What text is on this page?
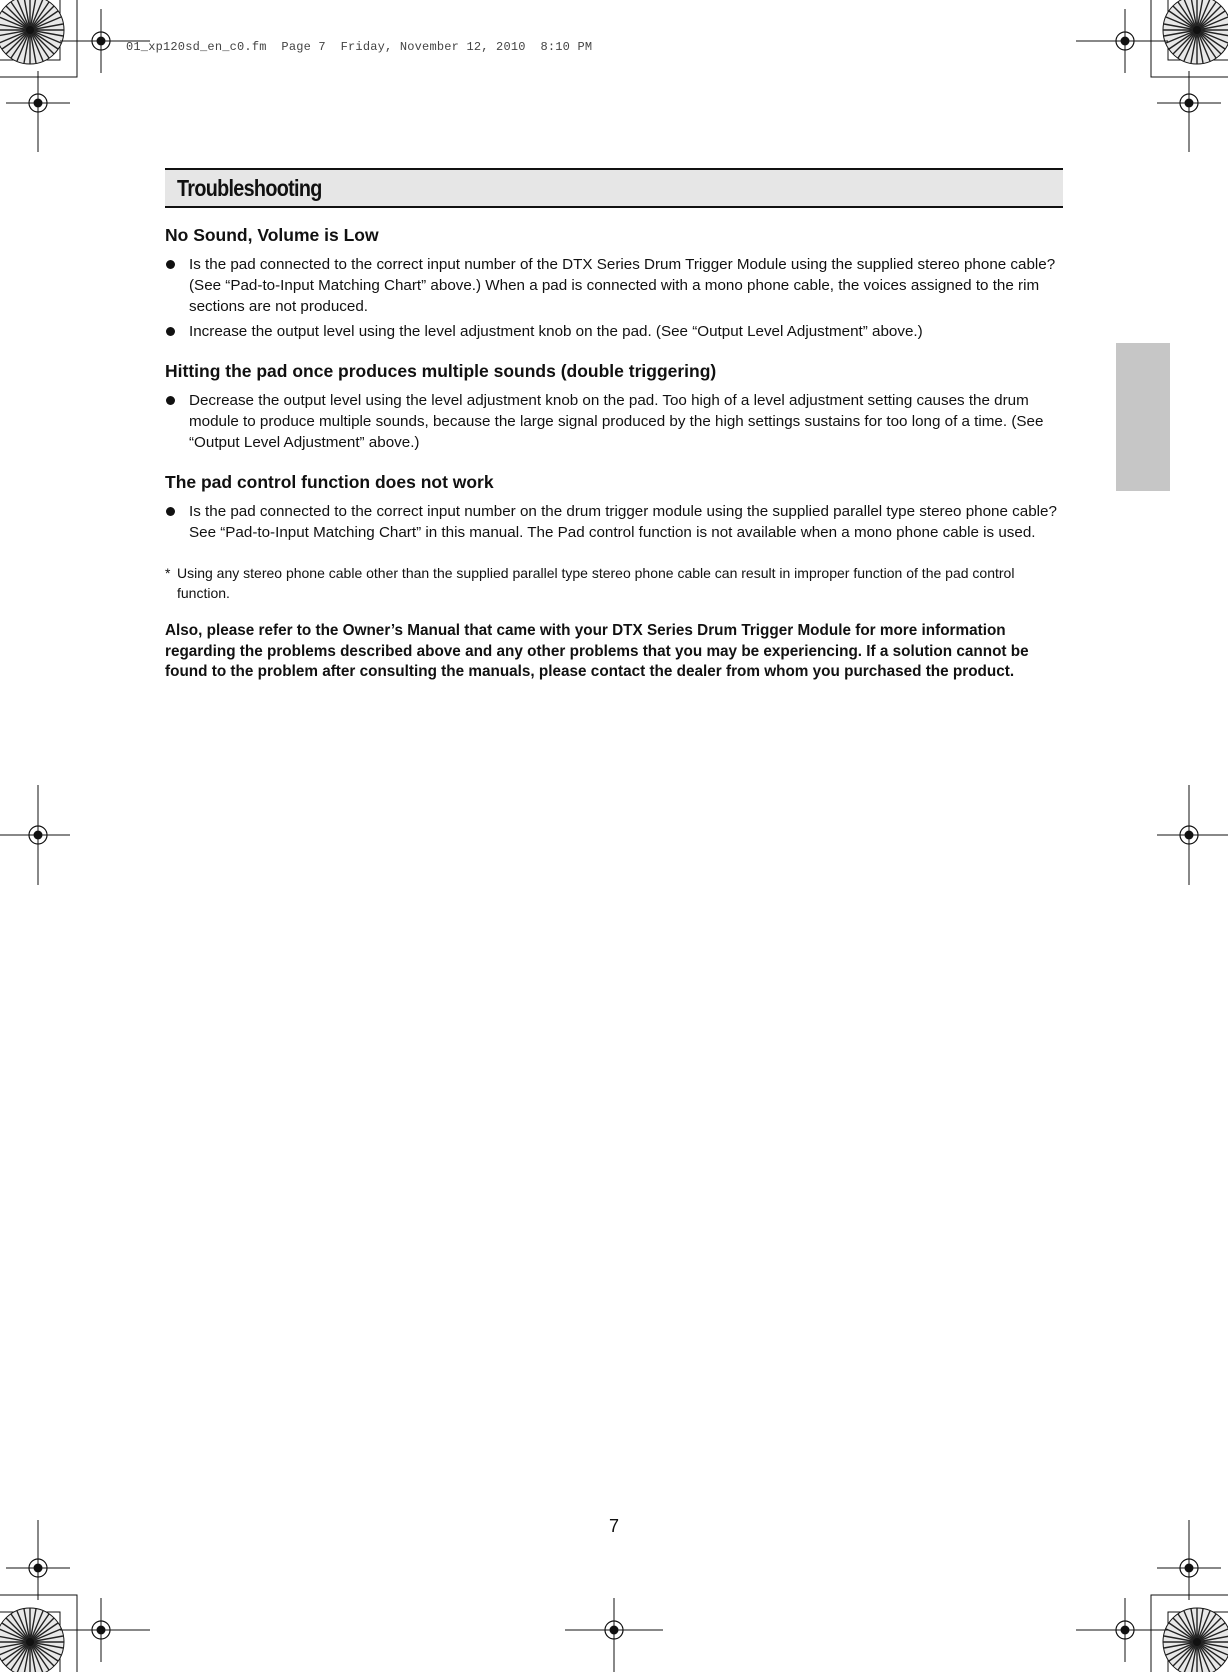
01_xp120sd_en_c0.fm  Page 7  Friday, November 12, 2010  8:10 PM
Troubleshooting
No Sound, Volume is Low
Is the pad connected to the correct input number of the DTX Series Drum Trigger Module using the supplied stereo phone cable? (See “Pad-to-Input Matching Chart” above.) When a pad is connected with a mono phone cable, the voices assigned to the rim sections are not produced.
Increase the output level using the level adjustment knob on the pad. (See “Output Level Adjustment” above.)
Hitting the pad once produces multiple sounds (double triggering)
Decrease the output level using the level adjustment knob on the pad. Too high of a level adjustment setting causes the drum module to produce multiple sounds, because the large signal produced by the high settings sustains for too long of a time. (See “Output Level Adjustment” above.)
The pad control function does not work
Is the pad connected to the correct input number on the drum trigger module using the supplied parallel type stereo phone cable? See “Pad-to-Input Matching Chart” in this manual. The Pad control function is not available when a mono phone cable is used.
* Using any stereo phone cable other than the supplied parallel type stereo phone cable can result in improper function of the pad control function.
Also, please refer to the Owner’s Manual that came with your DTX Series Drum Trigger Module for more information regarding the problems described above and any other problems that you may be experiencing. If a solution cannot be found to the problem after consulting the manuals, please contact the dealer from whom you purchased the product.
7
